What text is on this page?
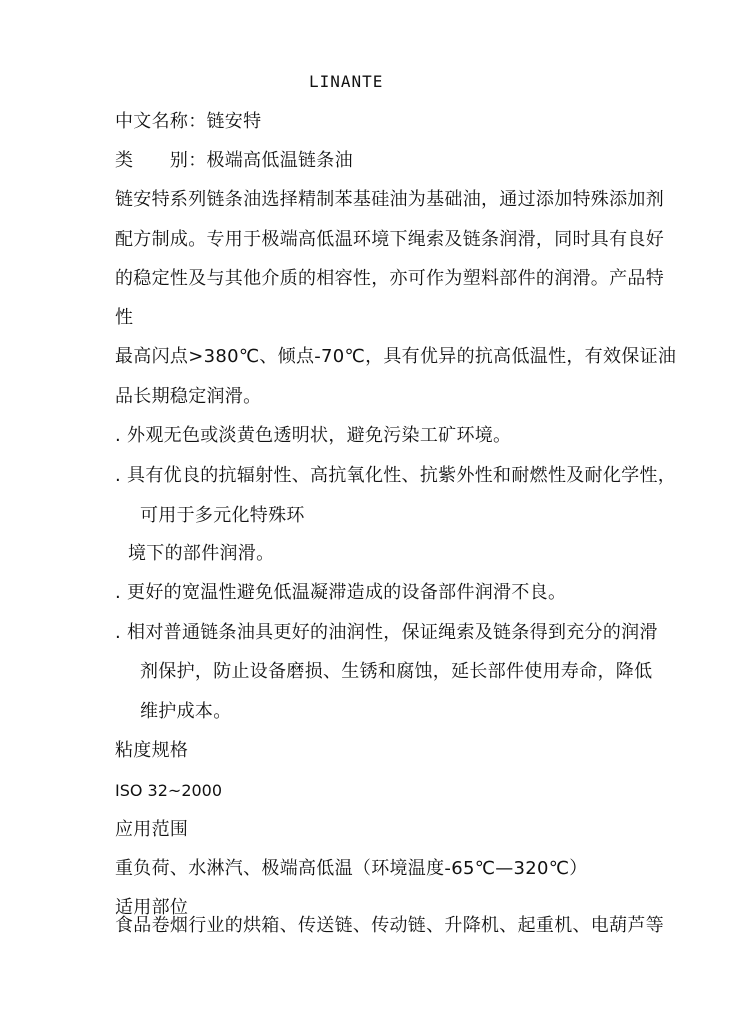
LINANTE
中文名称：链安特
类　　别：极端高低温链条油
链安特系列链条油选择精制苯基硅油为基础油，通过添加特殊添加剂
配方制成。专用于极端高低温环境下绳索及链条润滑，同时具有良好
的稳定性及与其他介质的相容性，亦可作为塑料部件的润滑。产品特
性
最高闪点>380℃、倾点-70℃，具有优异的抗高低温性，有效保证油
品长期稳定润滑。
. 外观无色或淡黄色透明状，避免污染工矿环境。
. 具有优良的抗辐射性、高抗氧化性、抗紫外性和耐燃性及耐化学性，
可用于多元化特殊环
境下的部件润滑。
. 更好的宽温性避免低温凝滞造成的设备部件润滑不良。
. 相对普通链条油具更好的油润性，保证绳索及链条得到充分的润滑
剂保护，防止设备磨损、生锈和腐蚀，延长部件使用寿命，降低
维护成本。
粘度规格
ISO 32~2000
应用范围
重负荷、水淋汽、极端高低温（环境温度-65℃—320℃）
适用部位
食品卷烟行业的烘箱、传送链、传动链、升降机、起重机、电葫芦等
